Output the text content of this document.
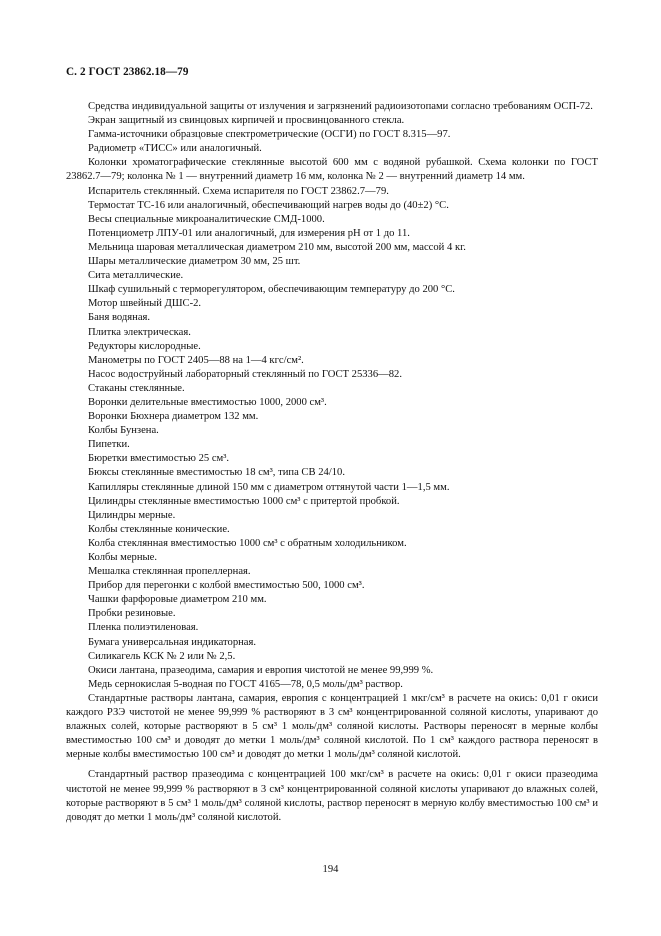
С. 2 ГОСТ 23862.18—79

Средства индивидуальной защиты от излучения и загрязнений радиоизотопами согласно требованиям ОСП-72.

Экран защитный из свинцовых кирпичей и просвинцованного стекла.

Гамма-источники образцовые спектрометрические (ОСГИ) по ГОСТ 8.315—97.

Радиометр «ТИСС» или аналогичный.

Колонки хроматографические стеклянные высотой 600 мм с водяной рубашкой. Схема колонки по ГОСТ 23862.7—79; колонка № 1 — внутренний диаметр 16 мм, колонка № 2 — внутренний диаметр 14 мм.

Испаритель стеклянный. Схема испарителя по ГОСТ 23862.7—79.

Термостат ТС-16 или аналогичный, обеспечивающий нагрев воды до (40±2) °С.

Весы специальные микроаналитические СМД-1000.

Потенциометр ЛПУ-01 или аналогичный, для измерения pH от 1 до 11.

Мельница шаровая металлическая диаметром 210 мм, высотой 200 мм, массой 4 кг.

Шары металлические диаметром 30 мм, 25 шт.

Сита металлические.

Шкаф сушильный с терморегулятором, обеспечивающим температуру до 200 °С.

Мотор швейный ДШС-2.

Баня водяная.

Плитка электрическая.

Редукторы кислородные.

Манометры по ГОСТ 2405—88 на 1—4 кгс/см².

Насос водоструйный лабораторный стеклянный по ГОСТ 25336—82.

Стаканы стеклянные.

Воронки делительные вместимостью 1000, 2000 см³.

Воронки Бюхнера диаметром 132 мм.

Колбы Бунзена.

Пипетки.

Бюретки вместимостью 25 см³.

Бюксы стеклянные вместимостью 18 см³, типа СВ 24/10.

Капилляры стеклянные длиной 150 мм с диаметром оттянутой части 1—1,5 мм.

Цилиндры стеклянные вместимостью 1000 см³ с притертой пробкой.

Цилиндры мерные.

Колбы стеклянные конические.

Колба стеклянная вместимостью 1000 см³ с обратным холодильником.

Колбы мерные.

Мешалка стеклянная пропеллерная.

Прибор для перегонки с колбой вместимостью 500, 1000 см³.

Чашки фарфоровые диаметром 210 мм.

Пробки резиновые.

Пленка полиэтиленовая.

Бумага универсальная индикаторная.

Силикагель КСК № 2 или № 2,5.

Окиси лантана, празеодима, самария и европия чистотой не менее 99,999 %.

Медь сернокислая 5-водная по ГОСТ 4165—78, 0,5 моль/дм³ раствор.

Стандартные растворы лантана, самария, европия с концентрацией 1 мкг/см³ в расчете на окись: 0,01 г окиси каждого РЗЭ чистотой не менее 99,999 % растворяют в 3 см³ концентрированной соляной кислоты, упаривают до влажных солей, которые растворяют в 5 см³ 1 моль/дм³ соляной кислоты. Растворы переносят в мерные колбы вместимостью 100 см³ и доводят до метки 1 моль/дм³ соляной кислотой. По 1 см³ каждого раствора переносят в мерные колбы вместимостью 100 см³ и доводят до метки 1 моль/дм³ соляной кислотой.

Стандартный раствор празеодима с концентрацией 100 мкг/см³ в расчете на окись: 0,01 г окиси празеодима чистотой не менее 99,999 % растворяют в 3 см³ концентрированной соляной кислоты упаривают до влажных солей, которые растворяют в 5 см³ 1 моль/дм³ соляной кислоты, раствор переносят в мерную колбу вместимостью 100 см³ и доводят до метки 1 моль/дм³ соляной кислотой.

194
